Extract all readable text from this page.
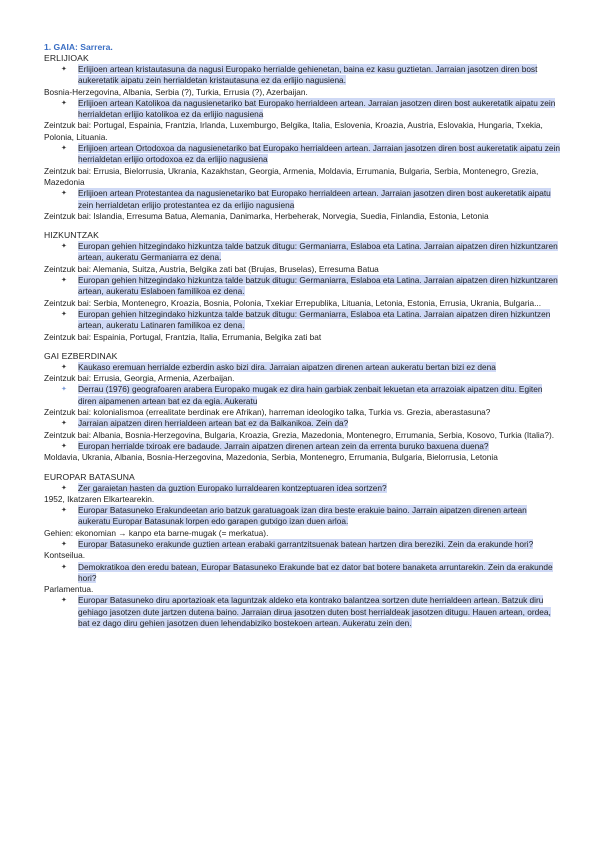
1. GAIA: Sarrera.
ERLIJIOAK
✦ Erlijioen artean kristautasuna da nagusi Europako herrialde gehienetan, baina ez kasu guztietan. Jarraian jasotzen diren bost aukeretatik aipatu zein herrialdetan kristautasuna ez da erlijio nagusiena.
Bosnia-Herzegovina, Albania, Serbia (?), Turkia, Errusia (?), Azerbaijan.
✦ Erlijioen artean Katolikoa da nagusienetariko bat Europako herrialdeen artean. Jarraian jasotzen diren bost aukeretatik aipatu zein herrialdetan erlijio katolikoa ez da erlijio nagusiena
Zeintzuk bai: Portugal, Espainia, Frantzia, Irlanda, Luxemburgo, Belgika, Italia, Eslovenia, Kroazia, Austria, Eslovakia, Hungaria, Txekia, Polonia, Lituania.
✦ Erlijioen artean Ortodoxoa da nagusienetariko bat Europako herrialdeen artean. Jarraian jasotzen diren bost aukeretatik aipatu zein herrialdetan erlijio ortodoxoa ez da erlijio nagusiena
Zeintzuk bai: Errusia, Bielorrusia, Ukrania, Kazakhstan, Georgia, Armenia, Moldavia, Errumania, Bulgaria, Serbia, Montenegro, Grezia, Mazedonia
✦ Erlijioen artean Protestantea da nagusienetariko bat Europako herrialdeen artean. Jarraian jasotzen diren bost aukeretatik aipatu zein herrialdetan erlijio protestantea ez da erlijio nagusiena
Zeintzuk bai: Islandia, Erresuma Batua, Alemania, Danimarka, Herbeherak, Norvegia, Suedia, Finlandia, Estonia, Letonia
HIZKUNTZAK
✦ Europan gehien hitzegindako hizkuntza talde batzuk ditugu: Germaniarra, Eslaboa eta Latina. Jarraian aipatzen diren hizkuntzaren artean, aukeratu Germaniarra ez dena.
Zeintzuk bai: Alemania, Suitza, Austria, Belgika zati bat (Brujas, Bruselas), Erresuma Batua
✦ Europan gehien hitzegindako hizkuntza talde batzuk ditugu: Germaniarra, Eslaboa eta Latina. Jarraian aipatzen diren hizkuntzaren artean, aukeratu Eslaboen familikoa ez dena.
Zeintzuk bai: Serbia, Montenegro, Kroazia, Bosnia, Polonia, Txekiar Errepublika, Lituania, Letonia, Estonia, Errusia, Ukrania, Bulgaria...
✦ Europan gehien hitzegindako hizkuntza talde batzuk ditugu: Germaniarra, Eslaboa eta Latina. Jarraian aipatzen diren hizkuntzen artean, aukeratu Latinaren familikoa ez dena.
Zeintzuk bai: Espainia, Portugal, Frantzia, Italia, Errumania, Belgika zati bat
GAI EZBERDINAK
✦ Kaukaso eremuan herrialde ezberdin asko bizi dira. Jarraian aipatzen direnen artean aukeratu bertan bizi ez dena
Zeintzuk bai: Errusia, Georgia, Armenia, Azerbaijan.
✦ Derrau (1976) geografoaren arabera Europako mugak ez dira hain garbiak zenbait lekuetan eta arrazoiak aipatzen ditu. Egiten diren aipamenen artean bat ez da egia. Aukeratu
Zeintzuk bai: kolonialismoa (errealitate berdinak ere Afrikan), harreman ideologiko talka, Turkia vs. Grezia, aberastasuna?
✦ Jarraian aipatzen diren herrialdeen artean bat ez da Balkanikoa. Zein da?
Zeintzuk bai: Albania, Bosnia-Herzegovina, Bulgaria, Kroazia, Grezia, Mazedonia, Montenegro, Errumania, Serbia, Kosovo, Turkia (Italia?).
✦ Europan herrialde txiroak ere badaude. Jarrain aipatzen direnen artean zein da errenta buruko baxuena duena?
Moldavia, Ukrania, Albania, Bosnia-Herzegovina, Mazedonia, Serbia, Montenegro, Errumania, Bulgaria, Bielorrusia, Letonia
EUROPAR BATASUNA
✦ Zer garaietan hasten da guztion Europako lurraldearen kontzeptuaren idea sortzen?
1952, Ikatzaren Elkartearekin.
✦ Europar Batasuneko Erakundeetan ario batzuk garatuagoak izan dira beste erakuie baino. Jarrain aipatzen direnen artean aukeratu Europar Batasunak lorpen edo garapen gutxigo izan duen arloa.
Gehien: ekonomian → kanpo eta barne-mugak (= merkatua).
✦ Europar Batasuneko erakunde guztien artean erabaki garrantzitsuenak batean hartzen dira bereziki. Zein da erakunde hori?
Kontseilua.
✦ Demokratikoa den eredu batean, Europar Batasuneko Erakunde bat ez dator bat botere banaketa arruntarekin. Zein da erakunde hori?
Parlamentua.
✦ Europar Batasuneko diru aportazioak eta laguntzak aldeko eta kontrako balantzea sortzen dute herrialdeen artean. Batzuk diru gehiago jasotzen dute jartzen dutena baino. Jarraian dirua jasotzen duten bost herrialdeak jasotzen ditugu. Hauen artean, ordea, bat ez dago diru gehien jasotzen duen lehendabiziko bostekoen artean. Aukeratu zein den.
